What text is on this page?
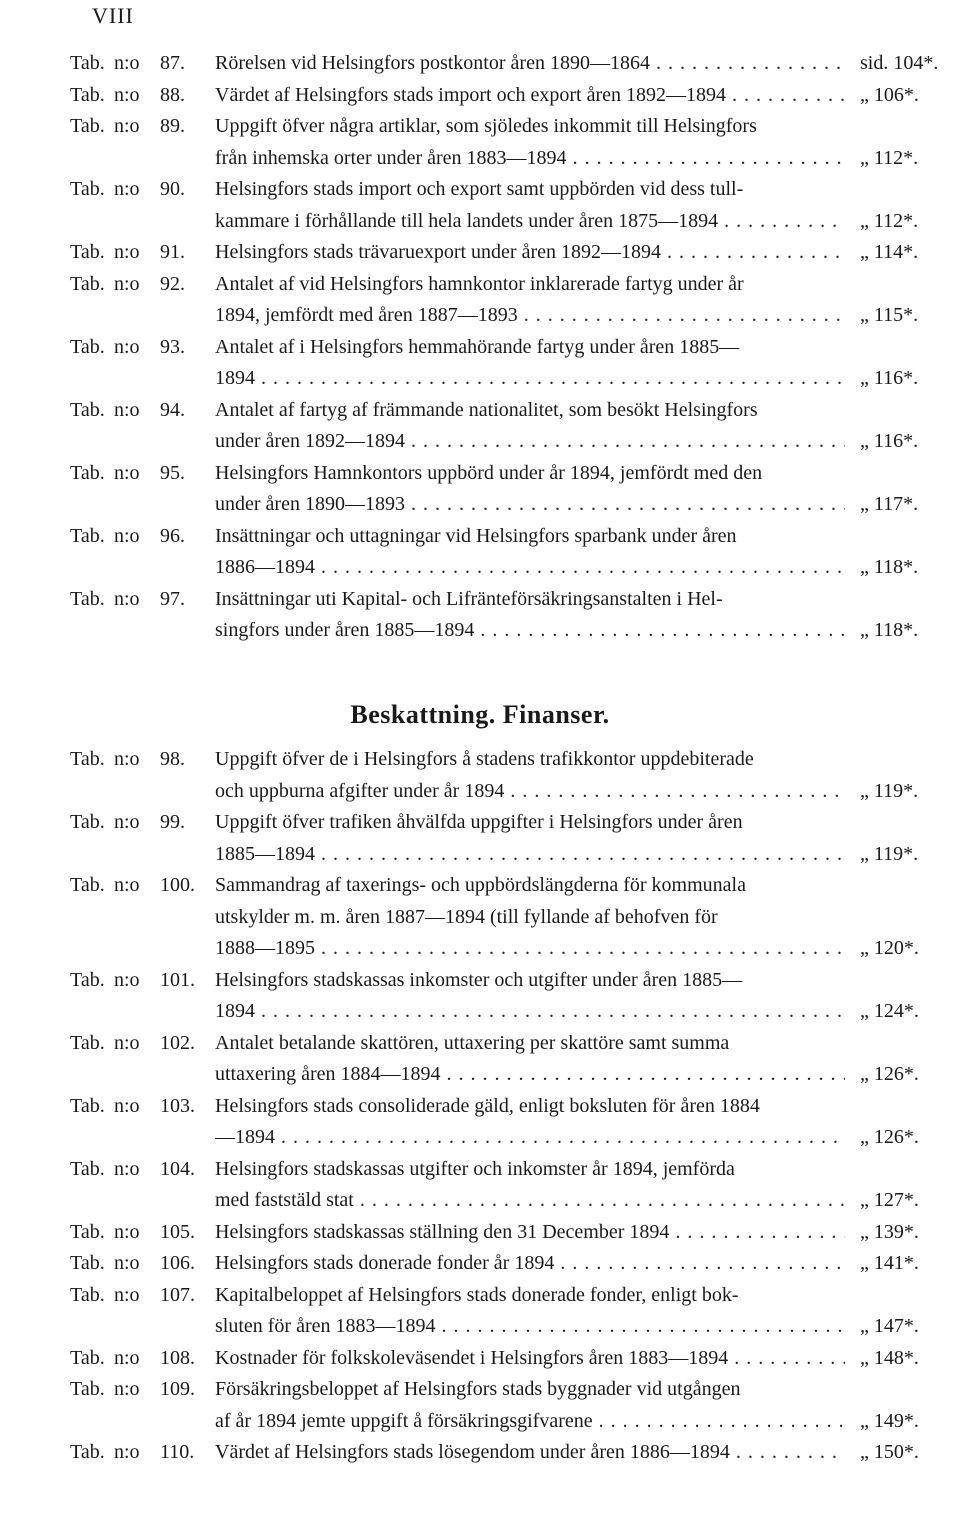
VIII
Tab. n:o 87.	Rörelsen vid Helsingfors postkontor åren 1890—1864 . . .	sid. 104*.
Tab. n:o 88.	Värdet af Helsingfors stads import och export åren 1892—1894 . . .	„ 106*.
Tab. n:o 89.	Uppgift öfver några artiklar, som sjöledes inkommit till Helsingfors
från inhemska orter under åren 1883—1894 . . .	„ 112*.
Tab. n:o 90.	Helsingfors stads import och export samt uppbörden vid dess tull-
kammare i förhållande till hela landets under åren 1875—1894 . . .	„ 112*.
Tab. n:o 91.	Helsingfors stads trävaruexport under åren 1892—1894 . . .	„ 114*.
Tab. n:o 92.	Antalet af vid Helsingfors hamnkontor inklarerade fartyg under år
1894, jemfördt med åren 1887—1893 . . .	„ 115*.
Tab. n:o 93.	Antalet af i Helsingfors hemmahörande fartyg under åren 1885—
1894 . . .	„ 116*.
Tab. n:o 94.	Antalet af fartyg af främmande nationalitet, som besökt Helsingfors
under åren 1892—1894 . . .	„ 116*.
Tab. n:o 95.	Helsingfors Hamnkontors uppbörd under år 1894, jemfördt med den
under åren 1890—1893 . . .	„ 117*.
Tab. n:o 96.	Insättningar och uttagningar vid Helsingfors sparbank under åren
1886—1894 . . .	„ 118*.
Tab. n:o 97.	Insättningar uti Kapital- och Lifränteförsäkringsanstalten i Hel-
singfors under åren 1885—1894 . . .	„ 118*.
Beskattning. Finanser.
Tab. n:o 98.	Uppgift öfver de i Helsingfors å stadens trafikkontor uppdebiterade
och uppburna afgifter under år 1894 . . .	„ 119*.
Tab. n:o 99.	Uppgift öfver trafiken åhvälfda uppgifter i Helsingfors under åren
1885—1894 . . .	„ 119*.
Tab. n:o 100.	Sammandrag af taxerings- och uppbördslängderna för kommunala
utskylder m. m. åren 1887—1894 (till fyllande af behofven för
1888—1895 . . .	„ 120*.
Tab. n:o 101.	Helsingfors stadskassas inkomster och utgifter under åren 1885—
1894 . . .	„ 124*.
Tab. n:o 102.	Antalet betalande skattören, uttaxering per skattöre samt summa
uttaxering åren 1884—1894 . . .	„ 126*.
Tab. n:o 103.	Helsingfors stads consoliderade gäld, enligt boksluten för åren 1884
—1894 . . .	„ 126*.
Tab. n:o 104.	Helsingfors stadskassas utgifter och inkomster år 1894, jemförda
med faststäld stat . . .	„ 127*.
Tab. n:o 105.	Helsingfors stadskassas ställning den 31 December 1894 . . .	„ 139*.
Tab. n:o 106.	Helsingfors stads donerade fonder år 1894 . . .	„ 141*.
Tab. n:o 107.	Kapitalbeloppet af Helsingfors stads donerade fonder, enligt bok-
sluten för åren 1883—1894 . . .	„ 147*.
Tab. n:o 108.	Kostnader för folkskoleväsendet i Helsingfors åren 1883—1894 . . .	„ 148*.
Tab. n:o 109.	Försäkringsbeloppet af Helsingfors stads byggnader vid utgången
af år 1894 jemte uppgift å försäkringsgifvarene . . .	„ 149*.
Tab. n:o 110.	Värdet af Helsingfors stads lösegendom under åren 1886—1894 . . .	„ 150*.
